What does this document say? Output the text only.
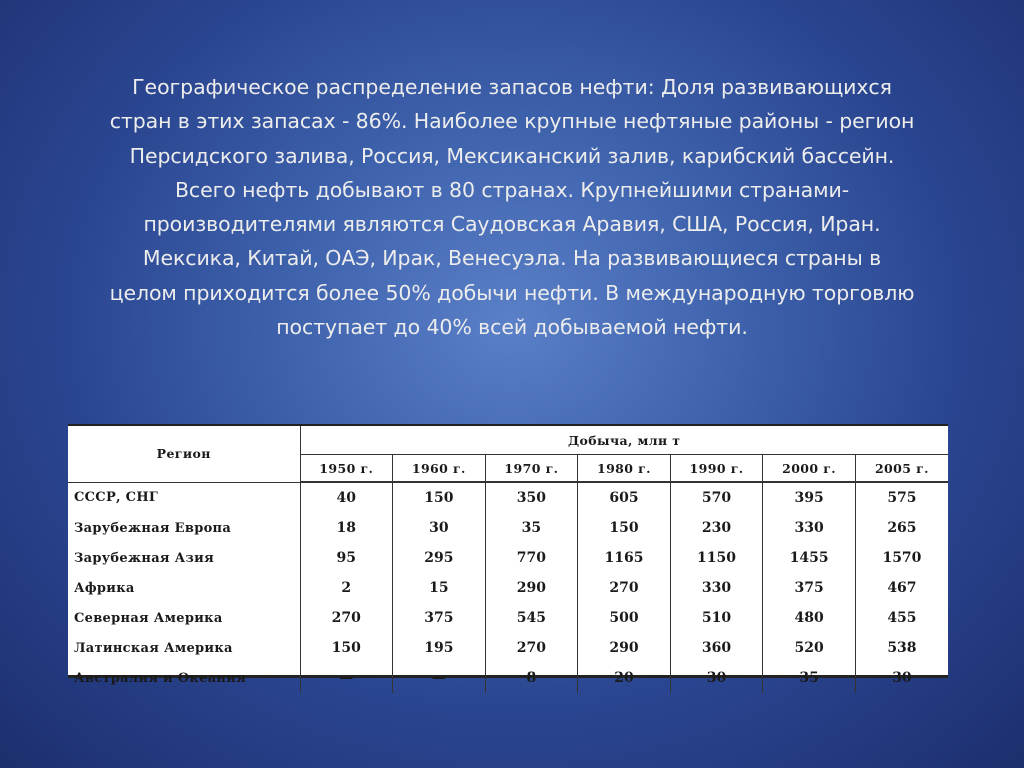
Географическое распределение запасов нефти: Доля развивающихся
стран в этих запасах - 86%. Наиболее крупные нефтяные районы - регион
Персидского залива, Россия, Мексиканский залив, карибский бассейн.
Всего нефть добывают в 80 странах. Крупнейшими странами-
производителями являются Саудовская Аравия, США, Россия, Иран.
Мексика, Китай, ОАЭ, Ирак, Венесуэла. На развивающиеся страны в
целом приходится более 50% добычи нефти. В международную торговлю
поступает до 40% всей добываемой нефти.
Регион	Добыча, млн т						
	1950 г.	1960 г.	1970 г.	1980 г.	1990 г.	2000 г.	2005 г.
СССР, СНГ	40	150	350	605	570	395	575
Зарубежная Европа	18	30	35	150	230	330	265
Зарубежная Азия	95	295	770	1165	1150	1455	1570
Африка	2	15	290	270	330	375	467
Северная Америка	270	375	545	500	510	480	455
Латинская Америка	150	195	270	290	360	520	538
Австралия и Океания	—	—	8	20	30	35	30
